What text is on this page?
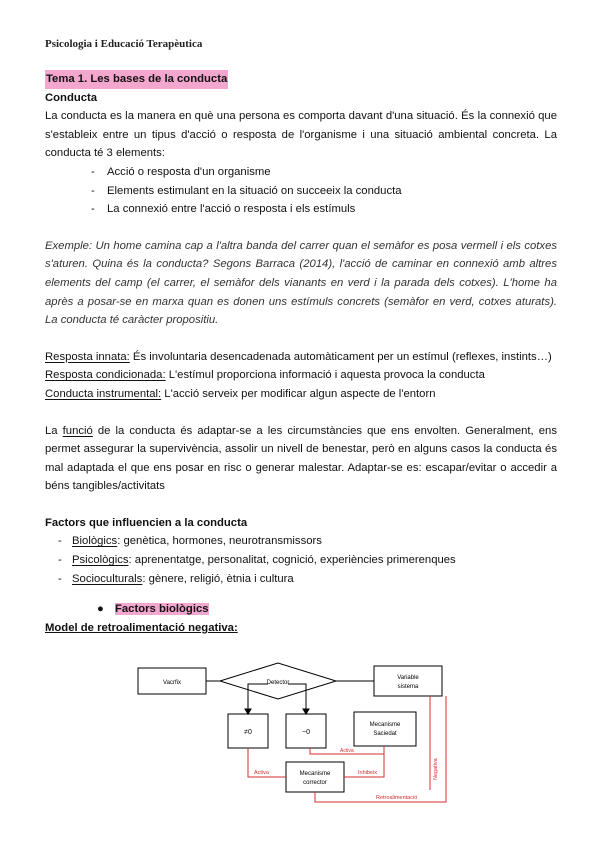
Psicologia i Educació Terapèutica
Tema 1. Les bases de la conducta
Conducta

La conducta es la manera en què una persona es comporta davant d'una situació. És la connexió que s'estableix entre un tipus d'acció o resposta de l'organisme i una situació ambiental concreta. La conducta té 3 elements:

- Acció o resposta d'un organisme
- Elements estimulant en la situació on succeeix la conducta
- La connexió entre l'acció o resposta i els estímuls

Exemple: Un home camina cap a l'altra banda del carrer quan el semàfor es posa vermell i els cotxes s'aturen. Quina és la conducta? Segons Barraca (2014), l'acció de caminar en connexió amb altres elements del camp (el carrer, el semàfor dels vianants en verd i la parada dels cotxes). L'home ha après a posar-se en marxa quan es donen uns estímuls concrets (semàfor en verd, cotxes aturats). La conducta té caràcter propositiu.

Resposta innata: És involuntaria desencadenada automàticament per un estímul (reflexes, instints…)
Resposta condicionada: L'estímul proporciona informació i aquesta provoca la conducta
Conducta instrumental: L'acció serveix per modificar algun aspecte de l'entorn

La funció de la conducta és adaptar-se a les circumstàncies que ens envolten. Generalment, ens permet assegurar la supervivència, assolir un nivell de benestar, però en alguns casos la conducta és mal adaptada el que ens posar en risc o generar malestar. Adaptar-se es: escapar/evitar o accedir a béns tangibles/activitats

Factors que influencien a la conducta
- Biològics: genètica, hormones, neurotransmissors
- Psicològics: aprenentatge, personalitat, cognició, experiències primerenques
- Socioculturals: gènere, religió, ètnia i cultura
● Factors biològics
Model de retroalimentació negativa:
Vacrfix	Detector
Variable
sistema
≠0	−0
Mecanisme
Saciedat
Mecanisme
corrector
Activa
Activa
Inhibeix
Retroalimentació
Negativa
